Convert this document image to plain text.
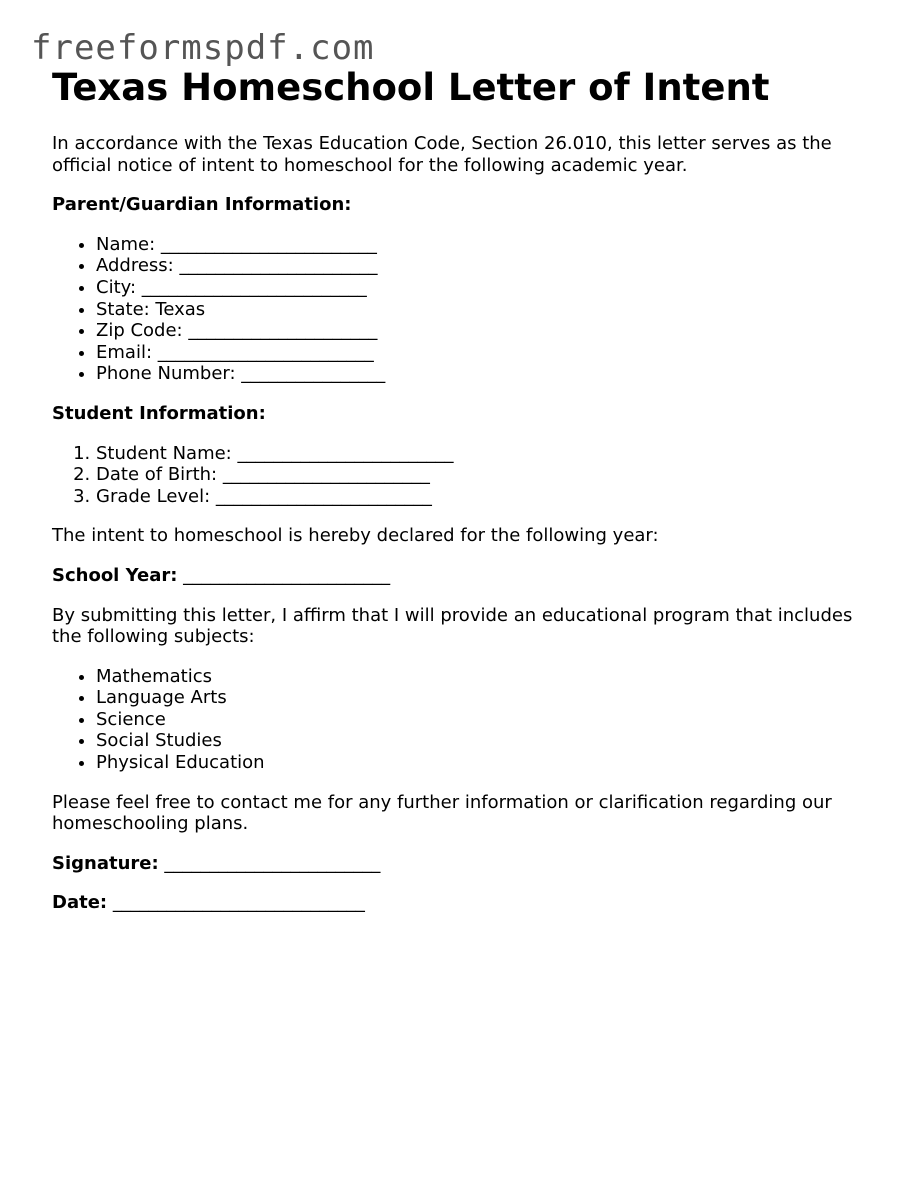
freeformspdf.com
Texas Homeschool Letter of Intent

In accordance with the Texas Education Code, Section 26.010, this letter serves as the official notice of intent to homeschool for the following academic year.

Parent/Guardian Information:

• Name: ________________________
• Address: ______________________
• City: _________________________
• State: Texas
• Zip Code: _____________________
• Email: ________________________
• Phone Number: ________________

Student Information:

1. Student Name: ________________________
2. Date of Birth: _______________________
3. Grade Level: ________________________

The intent to homeschool is hereby declared for the following year:

School Year: _______________________

By submitting this letter, I affirm that I will provide an educational program that includes the following subjects:

• Mathematics
• Language Arts
• Science
• Social Studies
• Physical Education

Please feel free to contact me for any further information or clarification regarding our homeschooling plans.

Signature: ________________________

Date: ____________________________
